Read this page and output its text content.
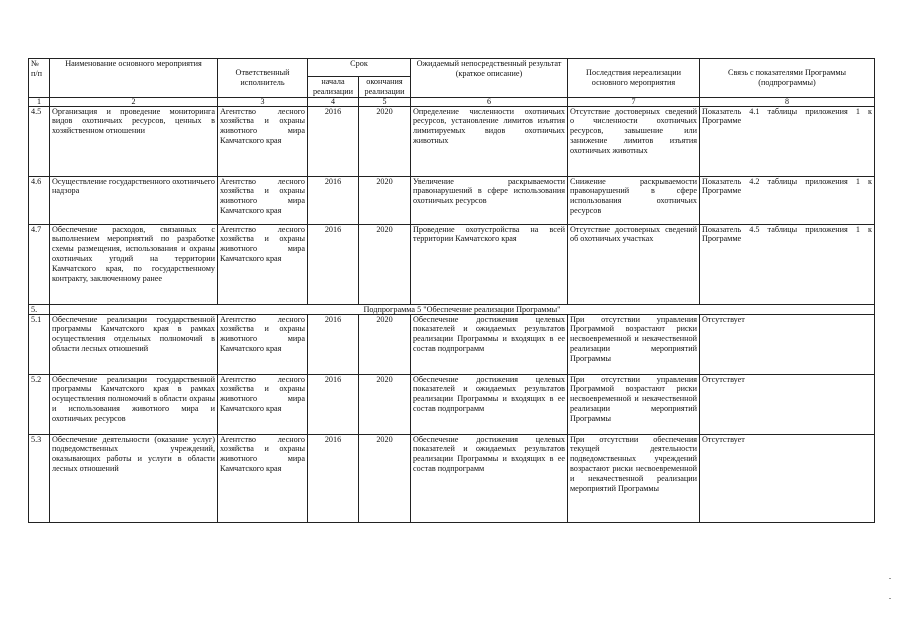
№ п/п	Наименование основного мероприятия	Ответственный исполнитель	Срок		Ожидаемый непосредственный результат (краткое описание)	Последствия нереализации основного мероприятия	Связь с показателями Программы (подпрограммы)
			начала реализации	окончания реализации			
1	2	3	4	5	6	7	8
4.5	Организация и проведение мониторинга видов охотничьих ресурсов, ценных в хозяйственном отношении	Агентство лесного хозяйства и охраны животного мира Камчатского края	2016	2020	Определение численности охотничьих ресурсов, установление лимитов изъятия лимитируемых видов охотничьих животных	Отсутствие достоверных сведений о численности охотничьих ресурсов, завышение или занижение лимитов изъятия охотничьих животных	Показатель 4.1 таблицы приложения 1 к Программе
4.6	Осуществление государственного охотничьего надзора	Агентство лесного хозяйства и охраны животного мира Камчатского края	2016	2020	Увеличение раскрываемости правонарушений в сфере использования охотничьих ресурсов	Снижение раскрываемости правонарушений в сфере использования охотничьих ресурсов	Показатель 4.2 таблицы приложения 1 к Программе
4.7	Обеспечение расходов, связанных с выполнением мероприятий по разработке схемы размещения, использования и охраны охотничьих угодий на территории Камчатского края, по государственному контракту, заключенному ранее	Агентство лесного хозяйства и охраны животного мира Камчатского края	2016	2020	Проведение охотустройства на всей территории Камчатского края	Отсутствие достоверных сведений об охотничьих участках	Показатель 4.5 таблицы приложения 1 к Программе
5.	Подпрограмма 5 "Обеспечение реализации Программы"						
5.1	Обеспечение реализации государственной программы Камчатского края в рамках осуществления отдельных полномочий в области лесных отношений	Агентство лесного хозяйства и охраны животного мира Камчатского края	2016	2020	Обеспечение достижения целевых показателей и ожидаемых результатов реализации Программы и входящих в ее состав подпрограмм	При отсутствии управления Программой возрастают риски несвоевременной и некачественной реализации мероприятий Программы	Отсутствует
5.2	Обеспечение реализации государственной программы Камчатского края в рамках осуществления полномочий в области охраны и использования животного мира и охотничьих ресурсов	Агентство лесного хозяйства и охраны животного мира Камчатского края	2016	2020	Обеспечение достижения целевых показателей и ожидаемых результатов реализации Программы и входящих в ее состав подпрограмм	При отсутствии управления Программой возрастают риски несвоевременной и некачественной реализации мероприятий Программы	Отсутствует
5.3	Обеспечение деятельности (оказание услуг) подведомственных учреждений, оказывающих работы и услуги в области лесных отношений	Агентство лесного хозяйства и охраны животного мира Камчатского края	2016	2020	Обеспечение достижения целевых показателей и ожидаемых результатов реализации Программы и входящих в ее состав подпрограмм	При отсутствии обеспечения текущей деятельности подведомственных учреждений возрастают риски несвоевременной и некачественной реализации мероприятий Программы	Отсутствует
